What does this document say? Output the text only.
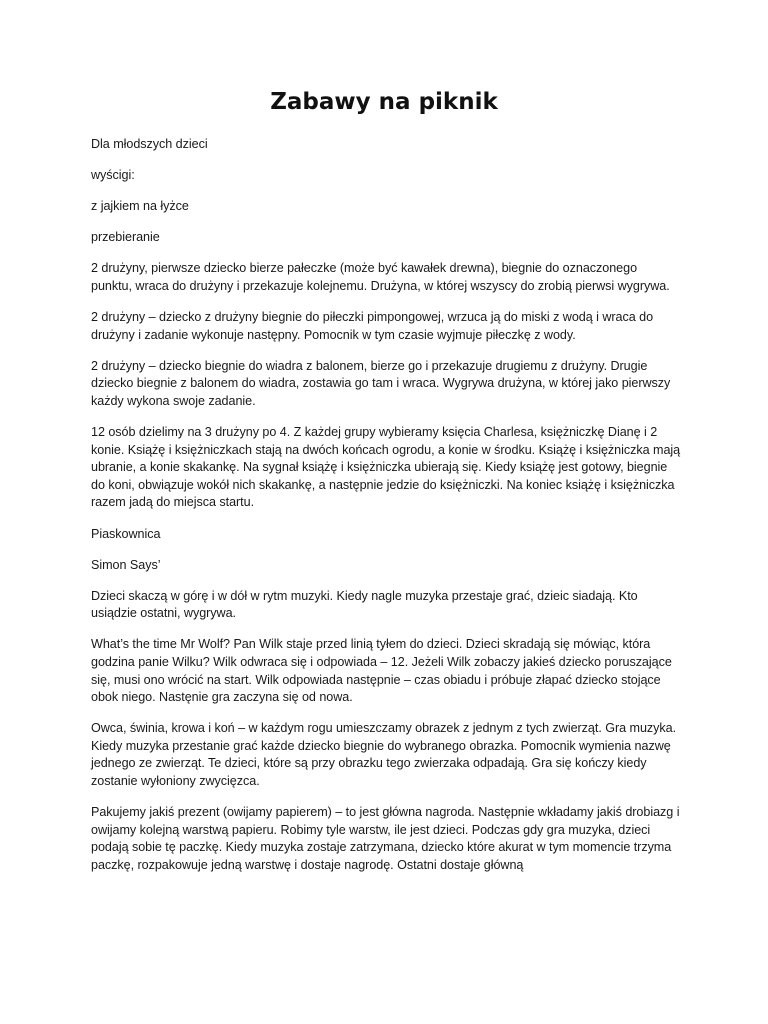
Zabawy na piknik

Dla młodszych dzieci

wyścigi:

z jajkiem na łyżce

przebieranie

2 drużyny, pierwsze dziecko bierze pałeczke (może być kawałek drewna), biegnie do oznaczonego punktu, wraca do drużyny i przekazuje kolejnemu. Drużyna, w której wszyscy do zrobią pierwsi wygrywa.

2 drużyny – dziecko z drużyny biegnie do piłeczki pimpongowej, wrzuca ją do miski z wodą i wraca do drużyny i zadanie wykonuje następny. Pomocnik w tym czasie wyjmuje piłeczkę z wody.

2 drużyny – dziecko biegnie do wiadra z balonem, bierze go i przekazuje drugiemu z drużyny. Drugie dziecko biegnie z balonem do wiadra, zostawia go tam i wraca. Wygrywa drużyna, w której jako pierwszy każdy wykona swoje zadanie.

12 osób dzielimy na 3 drużyny po 4. Z każdej grupy wybieramy księcia Charlesa, księżniczkę Dianę i 2 konie. Książę i księżniczkach stają na dwóch końcach ogrodu, a konie w środku. Książę i księżniczka mają ubranie, a konie skakankę. Na sygnał książę i księżniczka ubierają się. Kiedy książę jest gotowy, biegnie do koni, obwiązuje wokół nich skakankę, a następnie jedzie do księżniczki. Na koniec książę i księżniczka razem jadą do miejsca startu.

Piaskownica

Simon Says’

Dzieci skaczą w górę i w dół w rytm muzyki. Kiedy nagle muzyka przestaje grać, dzieic siadają. Kto usiądzie ostatni, wygrywa.

What’s the time Mr Wolf? Pan Wilk staje przed linią tyłem do dzieci. Dzieci skradają się mówiąc, która godzina panie Wilku? Wilk odwraca się i odpowiada – 12. Jeżeli Wilk zobaczy jakieś dziecko poruszające się, musi ono wrócić na start. Wilk odpowiada następnie – czas obiadu i próbuje złapać dziecko stojące obok niego. Nastęnie gra zaczyna się od nowa.

Owca, świnia, krowa i koń – w każdym rogu umieszczamy obrazek z jednym z tych zwierząt. Gra muzyka. Kiedy muzyka przestanie grać każde dziecko biegnie do wybranego obrazka. Pomocnik wymienia nazwę jednego ze zwierząt. Te dzieci, które są przy obrazku tego zwierzaka odpadają. Gra się kończy kiedy zostanie wyłoniony zwycięzca.

Pakujemy jakiś prezent (owijamy papierem) – to jest główna nagroda. Następnie wkładamy jakiś drobiazg i owijamy kolejną warstwą papieru. Robimy tyle warstw, ile jest dzieci. Podczas gdy gra muzyka, dzieci podają sobie tę paczkę. Kiedy muzyka zostaje zatrzymana, dziecko które akurat w tym momencie trzyma paczkę, rozpakowuje jedną warstwę i dostaje nagrodę. Ostatni dostaje główną
